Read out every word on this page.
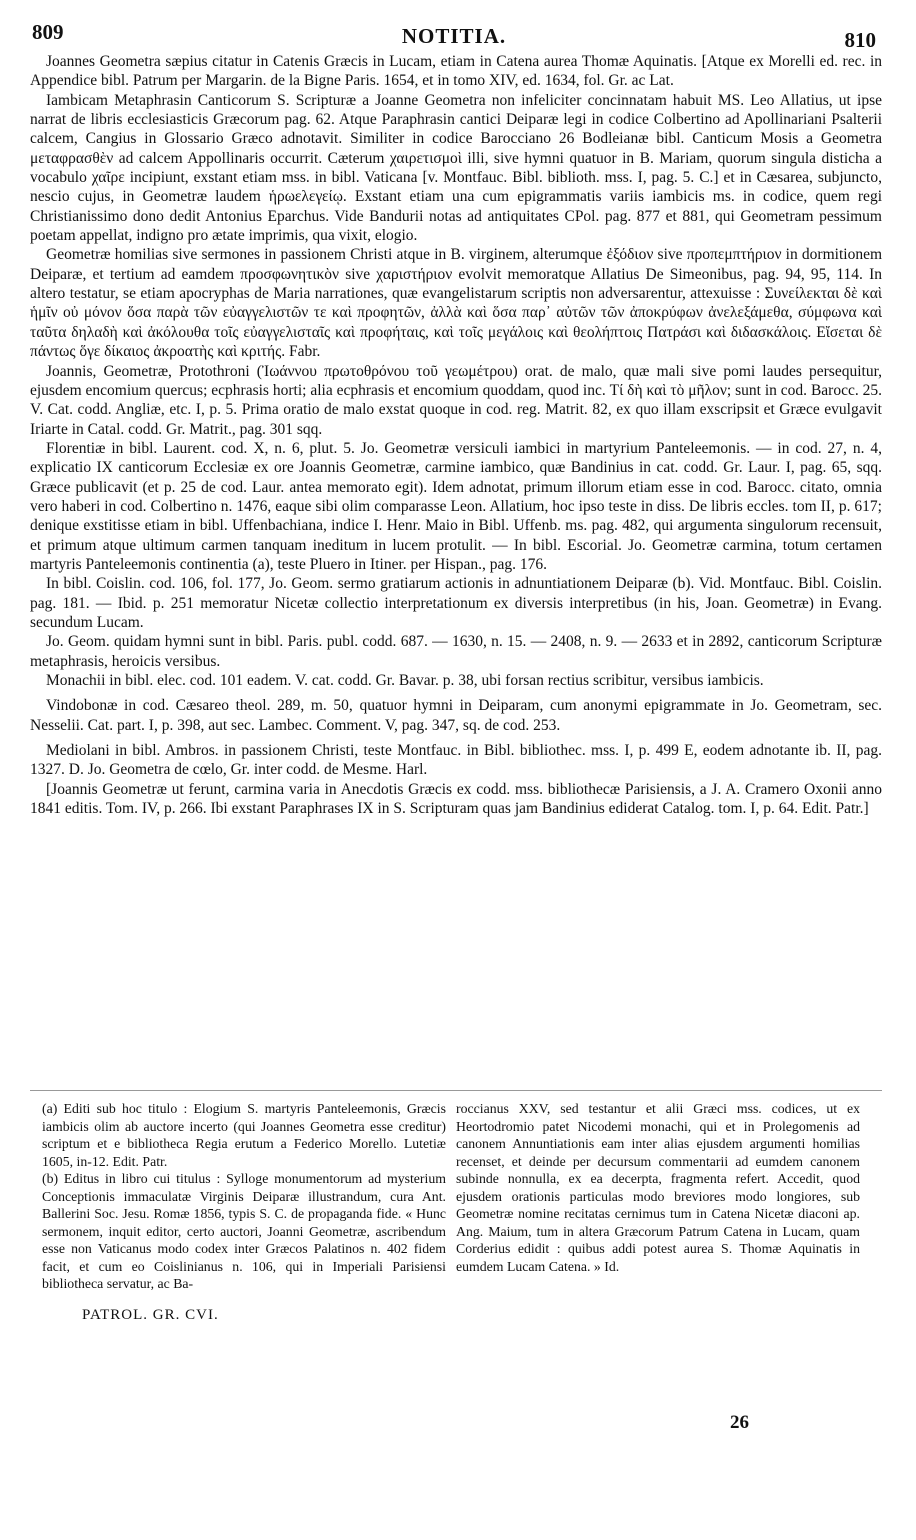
809	NOTITIA.	810

Joannes Geometra sæpius citatur in Catenis Græcis in Lucam, etiam in Catena aurea Thomæ Aquinatis. [Atque ex Morelli ed. rec. in Appendice bibl. Patrum per Margarin. de la Bigne Paris. 1654, et in tomo XIV, ed. 1634, fol. Gr. ac Lat.

Iambicam Metaphrasin Canticorum S. Scripturæ a Joanne Geometra non infeliciter concinnatam habuit MS. Leo Allatius, ut ipse narrat de libris ecclesiasticis Græcorum pag. 62. Atque Paraphrasin cantici Deiparæ legi in codice Colbertino ad Apollinariani Psalterii calcem, Cangius in Glossario Græco adnotavit. Similiter in codice Barocciano 26 Bodleianæ bibl. Canticum Mosis a Geometra μεταφρασθὲν ad calcem Appollinaris occurrit. Cæterum χαιρετισμοὶ illi, sive hymni quatuor in B. Mariam, quorum singula disticha a vocabulo χαῖρε incipiunt, exstant etiam mss. in bibl. Vaticana [v. Montfauc. Bibl. biblioth. mss. I, pag. 5. C.] et in Cæsarea, subjuncto, nescio cujus, in Geometræ laudem ἡρωελεγείῳ. Exstant etiam una cum epigrammatis variis iambicis ms. in codice, quem regi Christianissimo dono dedit Antonius Eparchus. Vide Bandurii notas ad antiquitates CPol. pag. 877 et 881, qui Geometram pessimum poetam appellat, indigno pro ætate imprimis, qua vixit, elogio.

Geometræ homilias sive sermones in passionem Christi atque in B. virginem, alterumque ἐξόδιον sive προπεμπτήριον in dormitionem Deiparæ, et tertium ad eamdem προσφωνητικὸν sive χαριστήριον evolvit memoratque Allatius De Simeonibus, pag. 94, 95, 114. In altero testatur, se etiam apocryphas de Maria narrationes, quæ evangelistarum scriptis non adversarentur, attexuisse : Συνείλεκται δὲ καὶ ἡμῖν οὐ μόνον ὅσα παρὰ τῶν εὐαγγελιστῶν τε καὶ προφητῶν, ἀλλὰ καὶ ὅσα παρ᾽ αὐτῶν τῶν ἀποκρύφων ἀνελεξάμεθα, σύμφωνα καὶ ταῦτα δηλαδὴ καὶ ἀκόλουθα τοῖς εὐαγγελισταῖς καὶ προφήταις, καὶ τοῖς μεγάλοις καὶ θεολήπτοις Πατράσι καὶ διδασκάλοις. Εἴσεται δὲ πάντως ὅγε δίκαιος ἀκροατὴς καὶ κριτής. Fabr.

Joannis, Geometræ, Protothroni (Ἰωάννου πρωτοθρόνου τοῦ γεωμέτρου) orat. de malo, quæ mali sive pomi laudes persequitur, ejusdem encomium quercus; ecphrasis horti; alia ecphrasis et encomium quoddam, quod inc. Τί δὴ καὶ τὸ μῆλον; sunt in cod. Barocc. 25. V. Cat. codd. Angliæ, etc. I, p. 5. Prima oratio de malo exstat quoque in cod. reg. Matrit. 82, ex quo illam exscripsit et Græce evulgavit Iriarte in Catal. codd. Gr. Matrit., pag. 301 sqq.

Florentiæ in bibl. Laurent. cod. X, n. 6, plut. 5. Jo. Geometræ versiculi iambici in martyrium Panteleemonis. — in cod. 27, n. 4, explicatio IX canticorum Ecclesiæ ex ore Joannis Geometræ, carmine iambico, quæ Bandinius in cat. codd. Gr. Laur. I, pag. 65, sqq. Græce publicavit (et p. 25 de cod. Laur. antea memorato egit). Idem adnotat, primum illorum etiam esse in cod. Barocc. citato, omnia vero haberi in cod. Colbertino n. 1476, eaque sibi olim comparasse Leon. Allatium, hoc ipso teste in diss. De libris eccles. tom II, p. 617; denique exstitisse etiam in bibl. Uffenbachiana, indice I. Henr. Maio in Bibl. Uffenb. ms. pag. 482, qui argumenta singulorum recensuit, et primum atque ultimum carmen tanquam ineditum in lucem protulit. — In bibl. Escorial. Jo. Geometræ carmina, totum certamen martyris Panteleemonis continentia (a), teste Pluero in Itiner. per Hispan., pag. 176.

In bibl. Coislin. cod. 106, fol. 177, Jo. Geom. sermo gratiarum actionis in adnuntiationem Deiparæ (b). Vid. Montfauc. Bibl. Coislin. pag. 181. — Ibid. p. 251 memoratur Nicetæ collectio interpretationum ex diversis interpretibus (in his, Joan. Geometræ) in Evang. secundum Lucam.

Jo. Geom. quidam hymni sunt in bibl. Paris. publ. codd. 687. — 1630, n. 15. — 2408, n. 9. — 2633 et in 2892, canticorum Scripturæ metaphrasis, heroicis versibus.

Monachii in bibl. elec. cod. 101 eadem. V. cat. codd. Gr. Bavar. p. 38, ubi forsan rectius scribitur, versibus iambicis.

Vindobonæ in cod. Cæsareo theol. 289, m. 50, quatuor hymni in Deiparam, cum anonymi epigrammate in Jo. Geometram, sec. Nesselii. Cat. part. I, p. 398, aut sec. Lambec. Comment. V, pag. 347, sq. de cod. 253.

Mediolani in bibl. Ambros. in passionem Christi, teste Montfauc. in Bibl. bibliothec. mss. I, p. 499 E, eodem adnotante ib. II, pag. 1327. D. Jo. Geometra de cœlo, Gr. inter codd. de Mesme. Harl.

[Joannis Geometræ ut ferunt, carmina varia in Anecdotis Græcis ex codd. mss. bibliothecæ Parisiensis, a J. A. Cramero Oxonii anno 1841 editis. Tom. IV, p. 266. Ibi exstant Paraphrases IX in S. Scripturam quas jam Bandinius ediderat Catalog. tom. I, p. 64. Edit. Patr.]

(a) Editi sub hoc titulo : Elogium S. martyris Panteleemonis, Græcis iambicis olim ab auctore incerto (qui Joannes Geometra esse creditur) scriptum et e bibliotheca Regia erutum a Federico Morello. Lutetiæ 1605, in-12. Edit. Patr.

(b) Editus in libro cui titulus : Sylloge monumentorum ad mysterium Conceptionis immaculatæ Virginis Deiparæ illustrandum, cura Ant. Ballerini Soc. Jesu. Romæ 1856, typis S. C. de propaganda fide. « Hunc sermonem, inquit editor, certo auctori, Joanni Geometræ, ascribendum esse non Vaticanus modo codex inter Græcos Palatinos n. 402 fidem facit, et cum eo Coislinianus n. 106, qui in Imperiali Parisiensi bibliotheca servatur, ac Ba-

PATROL. GR. CVI.

roccianus XXV, sed testantur et alii Græci mss. codices, ut ex Heortodromio patet Nicodemi monachi, qui et in Prolegomenis ad canonem Annuntiationis eam inter alias ejusdem argumenti homilias recenset, et deinde per decursum commentarii ad eumdem canonem subinde nonnulla, ex ea decerpta, fragmenta refert. Accedit, quod ejusdem orationis particulas modo breviores modo longiores, sub Geometræ nomine recitatas cernimus tum in Catena Nicetæ diaconi ap. Ang. Maium, tum in altera Græcorum Patrum Catena in Lucam, quam Corderius edidit : quibus addi potest aurea S. Thomæ Aquinatis in eumdem Lucam Catena. » Id.

26
